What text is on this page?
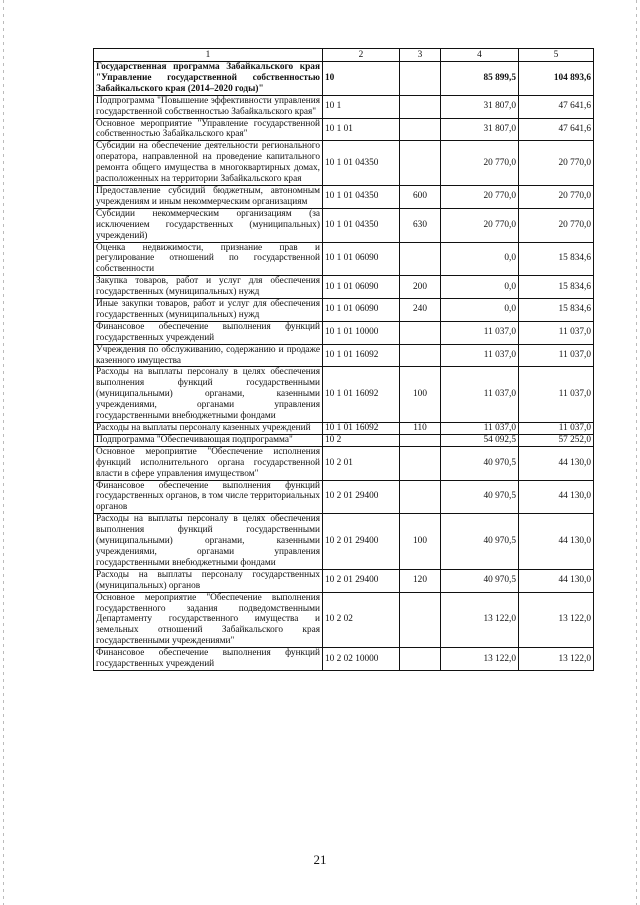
1	2	3	4	5
Государственная программа Забайкальского края "Управление государственной собственностью Забайкальского края (2014–2020 годы)"	10		85 899,5	104 893,6
Подпрограмма "Повышение эффективности управления государственной собственностью Забайкальского края"	10 1		31 807,0	47 641,6
Основное мероприятие "Управление государственной собственностью Забайкальского края"	10 1 01		31 807,0	47 641,6
Субсидии на обеспечение деятельности регионального оператора, направленной на проведение капитального ремонта общего имущества в многоквартирных домах, расположенных на территории Забайкальского края	10 1 01 04350		20 770,0	20 770,0
Предоставление субсидий бюджетным, автономным учреждениям и иным некоммерческим организациям	10 1 01 04350	600	20 770,0	20 770,0
Субсидии некоммерческим организациям (за исключением государственных (муниципальных) учреждений)	10 1 01 04350	630	20 770,0	20 770,0
Оценка недвижимости, признание прав и регулирование отношений по государственной собственности	10 1 01 06090		0,0	15 834,6
Закупка товаров, работ и услуг для обеспечения государственных (муниципальных) нужд	10 1 01 06090	200	0,0	15 834,6
Иные закупки товаров, работ и услуг для обеспечения государственных (муниципальных) нужд	10 1 01 06090	240	0,0	15 834,6
Финансовое обеспечение выполнения функций государственных учреждений	10 1 01 10000		11 037,0	11 037,0
Учреждения по обслуживанию, содержанию и продаже казенного имущества	10 1 01 16092		11 037,0	11 037,0
Расходы на выплаты персоналу в целях обеспечения выполнения функций государственными (муниципальными) органами, казенными учреждениями, органами управления государственными внебюджетными фондами	10 1 01 16092	100	11 037,0	11 037,0
Расходы на выплаты персоналу казенных учреждений	10 1 01 16092	110	11 037,0	11 037,0
Подпрограмма "Обеспечивающая подпрограмма"	10 2		54 092,5	57 252,0
Основное мероприятие "Обеспечение исполнения функций исполнительного органа государственной власти в сфере управления имуществом"	10 2 01		40 970,5	44 130,0
Финансовое обеспечение выполнения функций государственных органов, в том числе территориальных органов	10 2 01 29400		40 970,5	44 130,0
Расходы на выплаты персоналу в целях обеспечения выполнения функций государственными (муниципальными) органами, казенными учреждениями, органами управления государственными внебюджетными фондами	10 2 01 29400	100	40 970,5	44 130,0
Расходы на выплаты персоналу государственных (муниципальных) органов	10 2 01 29400	120	40 970,5	44 130,0
Основное мероприятие "Обеспечение выполнения государственного задания подведомственными Департаменту государственного имущества и земельных отношений Забайкальского края государственными учреждениями"	10 2 02		13 122,0	13 122,0
Финансовое обеспечение выполнения функций государственных учреждений	10 2 02 10000		13 122,0	13 122,0
21
